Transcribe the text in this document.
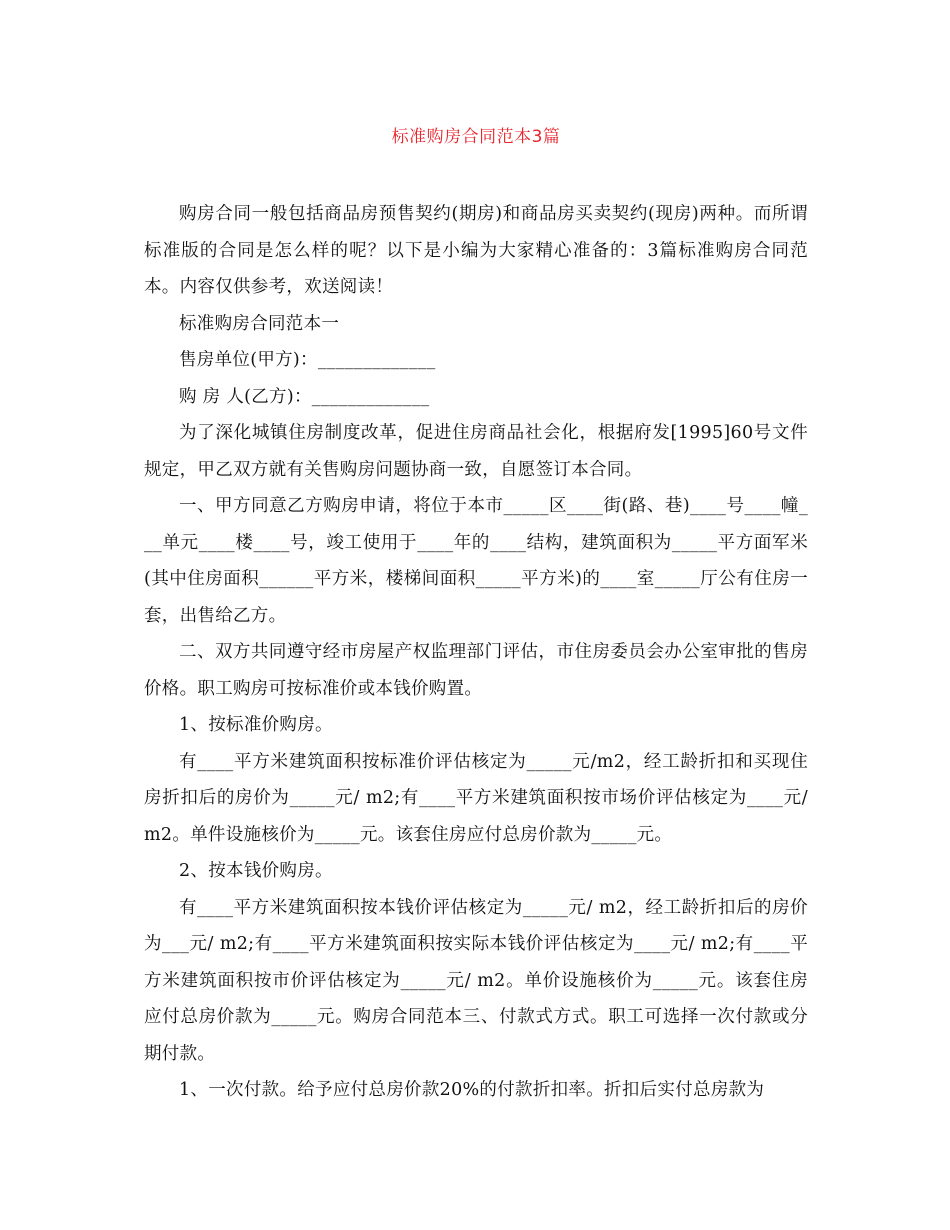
标准购房合同范本3篇

购房合同一般包括商品房预售契约(期房)和商品房买卖契约(现房)两种。而所谓标准版的合同是怎么样的呢？以下是小编为大家精心准备的：3篇标准购房合同范本。内容仅供参考，欢送阅读！

标准购房合同范本一

售房单位(甲方)：_____________

购 房 人(乙方)：_____________

为了深化城镇住房制度改革，促进住房商品社会化，根据府发[1995]60号文件规定，甲乙双方就有关售购房问题协商一致，自愿签订本合同。

一、甲方同意乙方购房申请，将位于本市_____区____街(路、巷)____号____幢___单元____楼____号，竣工使用于____年的____结构，建筑面积为_____平方面军米(其中住房面积______平方米，楼梯间面积_____平方米)的____室_____厅公有住房一套，出售给乙方。

二、双方共同遵守经市房屋产权监理部门评估，市住房委员会办公室审批的售房价格。职工购房可按标准价或本钱价购置。

1、按标准价购房。

有____平方米建筑面积按标准价评估核定为_____元/m2，经工龄折扣和买现住房折扣后的房价为_____元/ m2;有____平方米建筑面积按市场价评估核定为____元/ m2。单件设施核价为_____元。该套住房应付总房价款为_____元。

2、按本钱价购房。

有____平方米建筑面积按本钱价评估核定为_____元/ m2，经工龄折扣后的房价为___元/ m2;有____平方米建筑面积按实际本钱价评估核定为____元/ m2;有____平方米建筑面积按市价评估核定为_____元/ m2。单价设施核价为_____元。该套住房应付总房价款为_____元。购房合同范本三、付款式方式。职工可选择一次付款或分期付款。

1、一次付款。给予应付总房价款20%的付款折扣率。折扣后实付总房款为
